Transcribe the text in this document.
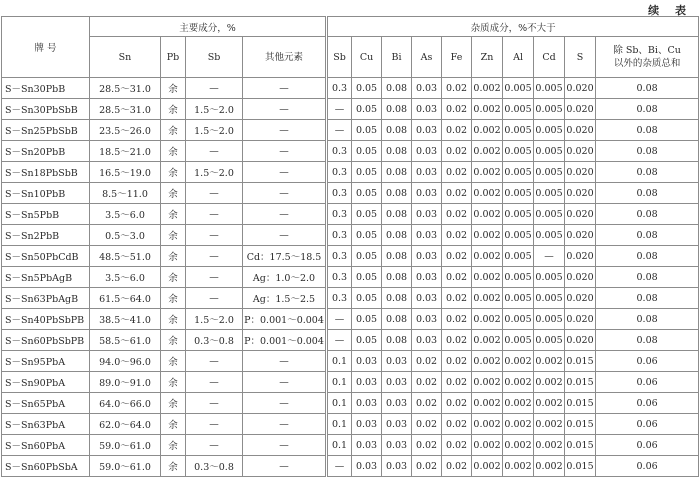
续 表
牌 号	主要成分，%				杂质成分，%不大于									
	Sn	Pb	Sb	其他元素	Sb	Cu	Bi	As	Fe	Zn	Al	Cd	S	除 Sb、Bi、Cu
以外的杂质总和
S－Sn30PbB	28.5～31.0	余	—	—	0.3	0.05	0.08	0.03	0.02	0.002	0.005	0.005	0.020	0.08
S－Sn30PbSbB	28.5～31.0	余	1.5～2.0	—	—	0.05	0.08	0.03	0.02	0.002	0.005	0.005	0.020	0.08
S－Sn25PbSbB	23.5～26.0	余	1.5～2.0	—	—	0.05	0.08	0.03	0.02	0.002	0.005	0.005	0.020	0.08
S－Sn20PbB	18.5～21.0	余	—	—	0.3	0.05	0.08	0.03	0.02	0.002	0.005	0.005	0.020	0.08
S－Sn18PbSbB	16.5～19.0	余	1.5～2.0	—	0.3	0.05	0.08	0.03	0.02	0.002	0.005	0.005	0.020	0.08
S－Sn10PbB	8.5～11.0	余	—	—	0.3	0.05	0.08	0.03	0.02	0.002	0.005	0.005	0.020	0.08
S－Sn5PbB	3.5～6.0	余	—	—	0.3	0.05	0.08	0.03	0.02	0.002	0.005	0.005	0.020	0.08
S－Sn2PbB	0.5～3.0	余	—	—	0.3	0.05	0.08	0.03	0.02	0.002	0.005	0.005	0.020	0.08
S－Sn50PbCdB	48.5～51.0	余	—	Cd：17.5～18.5	0.3	0.05	0.08	0.03	0.02	0.002	0.005	—	0.020	0.08
S－Sn5PbAgB	3.5～6.0	余	—	Ag：1.0～2.0	0.3	0.05	0.08	0.03	0.02	0.002	0.005	0.005	0.020	0.08
S－Sn63PbAgB	61.5～64.0	余	—	Ag：1.5～2.5	0.3	0.05	0.08	0.03	0.02	0.002	0.005	0.005	0.020	0.08
S－Sn40PbSbPB	38.5～41.0	余	1.5～2.0	P：0.001～0.004	—	0.05	0.08	0.03	0.02	0.002	0.005	0.005	0.020	0.08
S－Sn60PbSbPB	58.5～61.0	余	0.3～0.8	P：0.001～0.004	—	0.05	0.08	0.03	0.02	0.002	0.005	0.005	0.020	0.08
S－Sn95PbA	94.0～96.0	余	—	—	0.1	0.03	0.03	0.02	0.02	0.002	0.002	0.002	0.015	0.06
S－Sn90PbA	89.0～91.0	余	—	—	0.1	0.03	0.03	0.02	0.02	0.002	0.002	0.002	0.015	0.06
S－Sn65PbA	64.0～66.0	余	—	—	0.1	0.03	0.03	0.02	0.02	0.002	0.002	0.002	0.015	0.06
S－Sn63PbA	62.0～64.0	余	—	—	0.1	0.03	0.03	0.02	0.02	0.002	0.002	0.002	0.015	0.06
S－Sn60PbA	59.0～61.0	余	—	—	0.1	0.03	0.03	0.02	0.02	0.002	0.002	0.002	0.015	0.06
S－Sn60PbSbA	59.0～61.0	余	0.3～0.8	—	—	0.03	0.03	0.02	0.02	0.002	0.002	0.002	0.015	0.06
